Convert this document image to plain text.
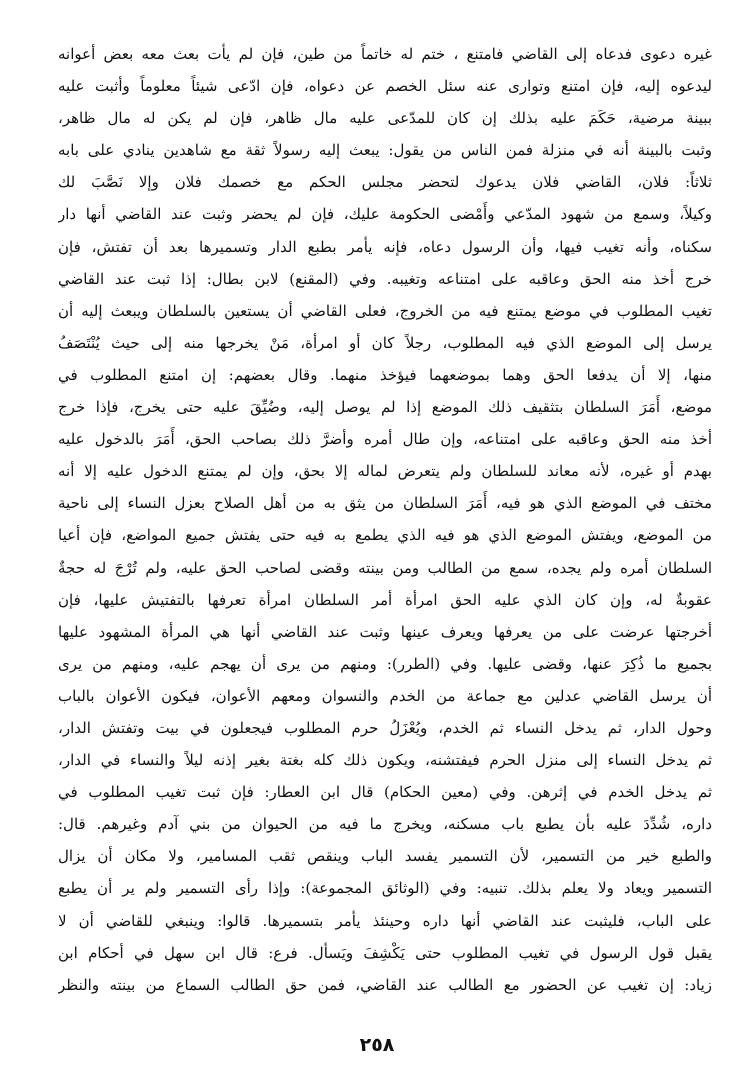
غيره دعوى فدعاه إلى القاضي فامتنع ، ختم له خاتماً من طين، فإن لم يأت بعث معه بعض أعوانه
ليدعوه إليه، فإن امتنع وتوارى عنه سئل الخصم عن دعواه، فإن ادّعى شيئاً معلوماً وأثبت عليه
ببينة مرضية، حَكَمَ عليه بذلك إن كان للمدّعى عليه مال ظاهر، فإن لم يكن له مال ظاهر،
وثبت بالبينة أنه في منزلة فمن الناس من يقول: يبعث إليه رسولاً ثقة مع شاهدين ينادي على بابه
ثلاثاً: فلان، القاضي فلان يدعوك لتحضر مجلس الحكم مع خصمك فلان وإلا نَصَّبَ لك
وكيلاً، وسمع من شهود المدّعي وأَمْضى الحكومة عليك، فإن لم يحضر وثبت عند القاضي أنها دار
سكناه، وأنه تغيب فيها، وأن الرسول دعاه، فإنه يأمر بطبع الدار وتسميرها بعد أن تفتش، فإن
خرج أخذ منه الحق وعاقبه على امتناعه وتغيبه. وفي (المقنع) لابن بطال: إذا ثبت عند القاضي
تغيب المطلوب في موضع يمتنع فيه من الخروج، فعلى القاضي أن يستعين بالسلطان ويبعث إليه أن
يرسل إلى الموضع الذي فيه المطلوب، رجلاً كان أو امرأة، مَنْ يخرجها منه إلى حيث يُنْتَصَفُ
منها، إلا أن يدفعا الحق وهما بموضعهما فيؤخذ منهما. وقال بعضهم: إن امتنع المطلوب في
موضع، أَمَرَ السلطان بتثقيف ذلك الموضع إذا لم يوصل إليه، وضُيِّقَ عليه حتى يخرج، فإذا خرج
أخذ منه الحق وعاقبه على امتناعه، وإن طال أمره وأضرَّ ذلك بصاحب الحق، أَمَرَ بالدخول عليه
بهدم أو غيره، لأنه معاند للسلطان ولم يتعرض لماله إلا بحق، وإن لم يمتنع الدخول عليه إلا أنه
مختف في الموضع الذي هو فيه، أَمَرَ السلطان من يثق به من أهل الصلاح بعزل النساء إلى ناحية
من الموضع، ويفتش الموضع الذي هو فيه الذي يطمع به فيه حتى يفتش جميع المواضع، فإن أعيا
السلطان أمره ولم يجده، سمع من الطالب ومن بينته وقضى لصاحب الحق عليه، ولم تُرْجَ له حجةٌ
عقوبةٌ له، وإن كان الذي عليه الحق امرأة أمر السلطان امرأة تعرفها بالتفتيش عليها، فإن
أخرجتها عرضت على من يعرفها ويعرف عينها وثبت عند القاضي أنها هي المرأة المشهود عليها
بجميع ما ذُكِرَ عنها، وقضى عليها. وفي (الطرر): ومنهم من يرى أن يهجم عليه، ومنهم من يرى
أن يرسل القاضي عدلين مع جماعة من الخدم والنسوان ومعهم الأعوان، فيكون الأعوان بالباب
وحول الدار، ثم يدخل النساء ثم الخدم، ويُعْزَلُ حرم المطلوب فيجعلون في بيت وتفتش الدار،
ثم يدخل النساء إلى منزل الحرم فيفتشنه، ويكون ذلك كله بغتة بغير إذنه ليلاً والنساء في الدار،
ثم يدخل الخدم في إثرهن. وفي (معين الحكام) قال ابن العطار: فإن ثبت تغيب المطلوب في
داره، شُدِّدَ عليه بأن يطبع باب مسكنه، ويخرج ما فيه من الحيوان من بني آدم وغيرهم. قال:
والطبع خير من التسمير، لأن التسمير يفسد الباب وينقص ثقب المسامير، ولا مكان أن يزال
التسمير ويعاد ولا يعلم بذلك. تنبيه: وفي (الوثائق المجموعة): وإذا رأى التسمير ولم ير أن يطبع
على الباب، فليثبت عند القاضي أنها داره وحينئذ يأمر بتسميرها. قالوا: وينبغي للقاضي أن لا
يقبل قول الرسول في تغيب المطلوب حتى يَكْشِفَ ويَسأل. فرع: قال ابن سهل في أحكام ابن
زياد: إن تغيب عن الحضور مع الطالب عند القاضي، فمن حق الطالب السماع من بينته والنظر
٢٥٨
